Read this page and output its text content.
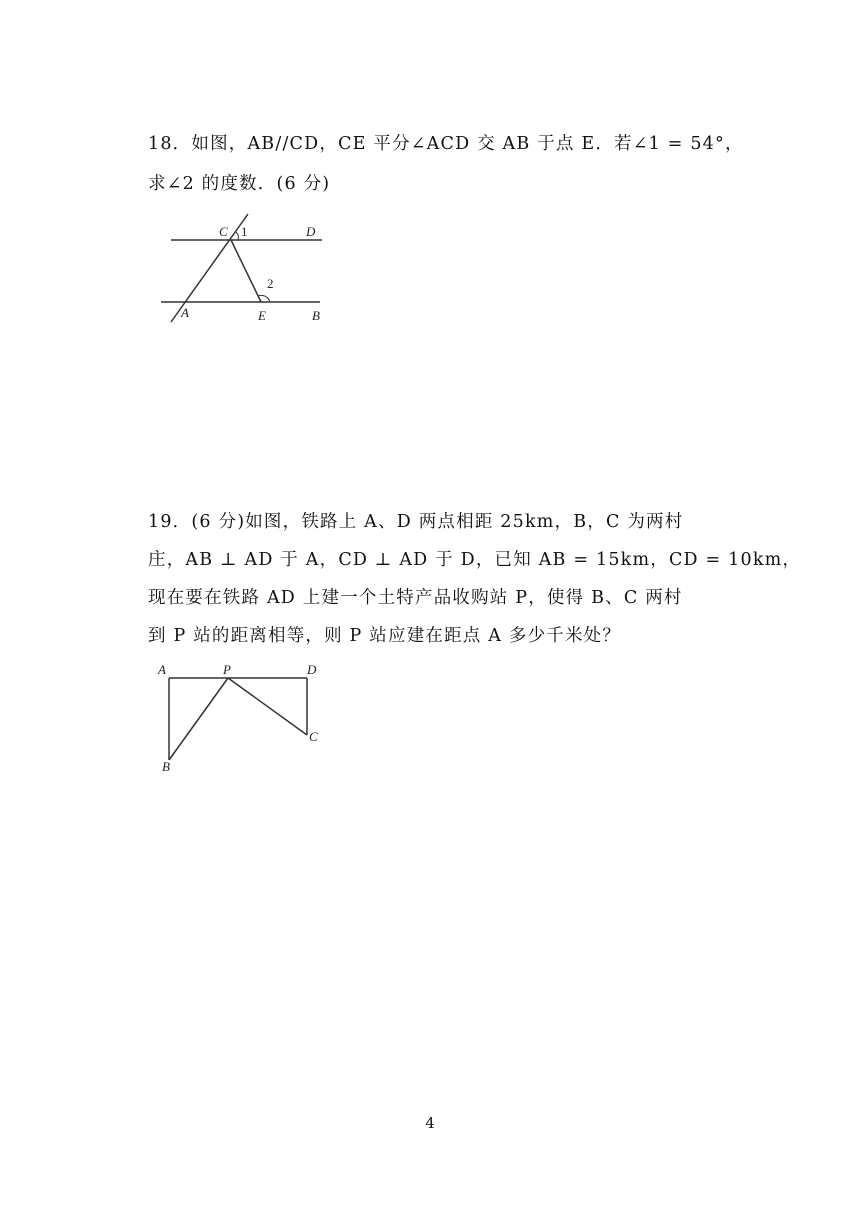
18．如图，AB//CD，CE 平分∠ACD 交 AB 于点 E．若∠1 = 54°，
求∠2 的度数．(6 分)
C 1	D
2
A	E	B
19．(6 分)如图，铁路上 A、D 两点相距 25km，B，C 为两村
庄，AB ⊥ AD 于 A，CD ⊥ AD 于 D，已知 AB = 15km，CD = 10km，
现在要在铁路 AD 上建一个土特产品收购站 P，使得 B、C 两村
到 P 站的距离相等，则 P 站应建在距点 A 多少千米处？
A	P	D
C
B
4
